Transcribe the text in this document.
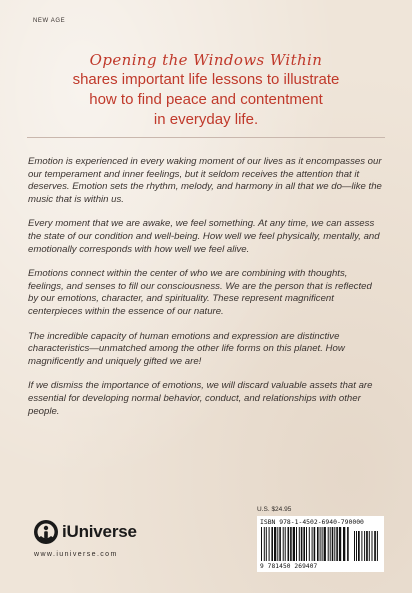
NEW AGE
Opening the Windows Within
shares important life lessons to illustrate
how to find peace and contentment
in everyday life.

Emotion is experienced in every waking moment of our lives as it encompasses our our temperament and inner feelings, but it seldom receives the attention that it deserves. Emotion sets the rhythm, melody, and harmony in all that we do—like the music that is within us.

Every moment that we are awake, we feel something. At any time, we can assess the state of our condition and well-being. How well we feel physically, mentally, and emotionally corresponds with how well we feel alive.

Emotions connect within the center of who we are combining with thoughts, feelings, and senses to fill our consciousness. We are the person that is reflected by our emotions, character, and spirituality. These represent magnificent centerpieces within the essence of our nature.

The incredible capacity of human emotions and expression are distinctive characteristics—unmatched among the other life forms on this planet. How magnificently and uniquely gifted we are!

If we dismiss the importance of emotions, we will discard valuable assets that are essential for developing normal behavior, conduct, and relationships with other people.

iUniverse
www.iuniverse.com
U.S. $24.95
ISBN 978-1-4502-6940-7 90000
9 781450 269407
